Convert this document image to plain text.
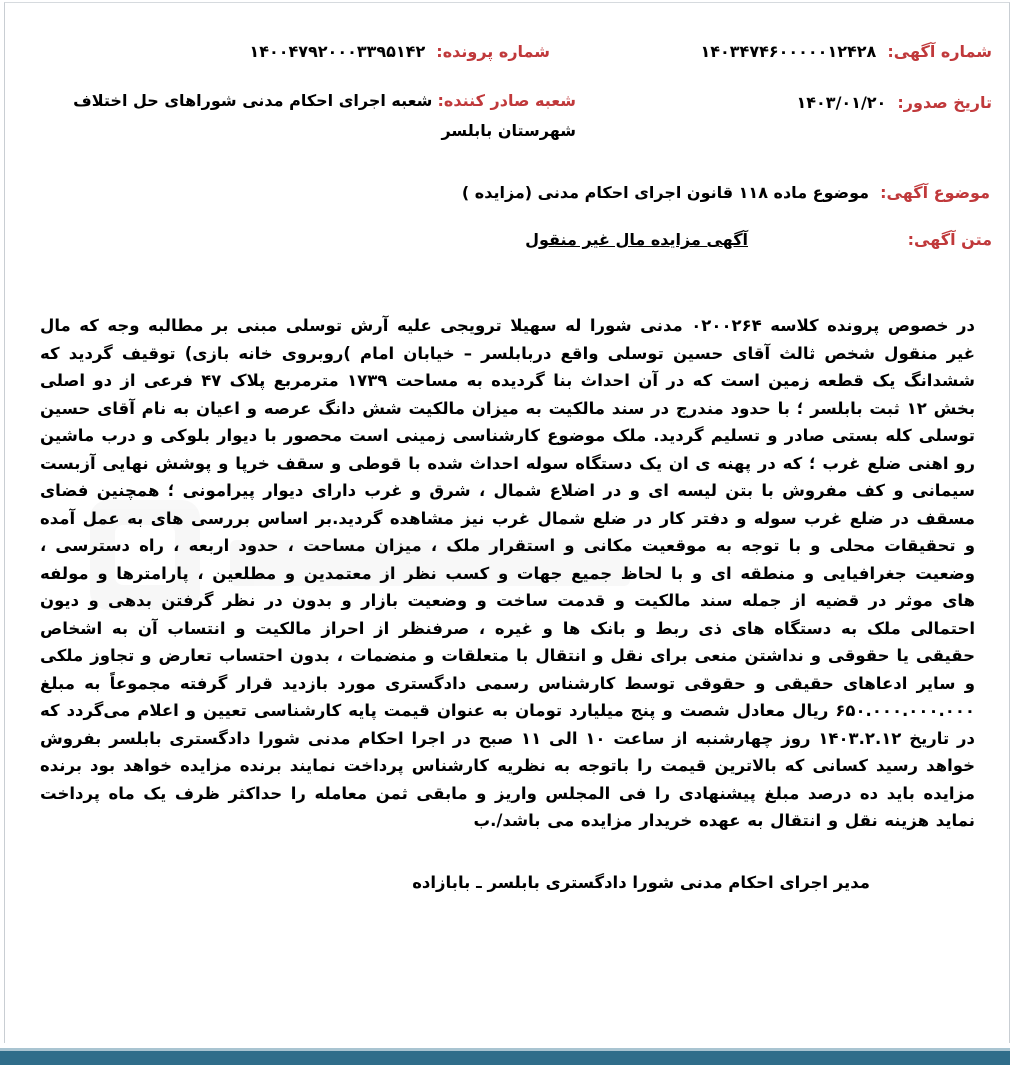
شماره آگهی: ۱۴۰۳۴۷۴۶۰۰۰۰۰۱۲۴۲۸
شماره پرونده: ۱۴۰۰۴۷۹۲۰۰۰۳۳۹۵۱۴۲
تاریخ صدور: ۱۴۰۳/۰۱/۲۰
شعبه صادر کننده: شعبه اجرای احکام مدنی شوراهای حل اختلاف شهرستان بابلسر
موضوع آگهی: موضوع ماده ۱۱۸ قانون اجرای احکام مدنی (مزایده )
متن آگهی:
آگهی مزایده مال غیر منقول
در خصوص پرونده کلاسه ۰۲۰۰۲۶۴ مدنی شورا له سهیلا ترویجی علیه آرش توسلی مبنی بر مطالبه وجه که مال غیر منقول شخص ثالث آقای حسین توسلی واقع دربابلسر – خیابان امام )روبروی خانه بازی) توقیف گردید که ششدانگ یک قطعه زمین است که در آن احداث بنا گردیده به مساحت ۱۷۳۹ مترمربع پلاک ۴۷ فرعی از دو اصلی بخش ۱۲ ثبت بابلسر ؛ با حدود مندرج در سند مالکیت به میزان مالکیت شش دانگ عرصه و اعیان به نام آقای حسین توسلی کله بستی صادر و تسلیم گردید. ملک موضوع کارشناسی زمینی است محصور با دیوار بلوکی و درب ماشین رو اهنی ضلع غرب ؛ که در پهنه ی ان یک دستگاه سوله احداث شده با قوطی و سقف خرپا و پوشش نهایی آزبست سیمانی و کف مفروش با بتن لیسه ای و در اضلاع شمال ، شرق و غرب دارای دیوار پیرامونی ؛ همچنین فضای مسقف در ضلع غرب سوله و دفتر کار در ضلع شمال غرب نیز مشاهده گردید.بر اساس بررسی های به عمل آمده و تحقیقات محلی و با توجه به موقعیت مکانی و استقرار ملک ، میزان مساحت ، حدود اربعه ، راه دسترسی ، وضعیت جغرافیایی و منطقه ای و با لحاظ جمیع جهات و کسب نظر از معتمدین و مطلعین ، پارامترها و مولفه های موثر در قضیه از جمله سند مالکیت و قدمت ساخت و وضعیت بازار و بدون در نظر گرفتن بدهی و دیون احتمالی ملک به دستگاه های ذی ربط و بانک ها و غیره ، صرفنظر از احراز مالکیت و انتساب آن به اشخاص حقیقی یا حقوقی و نداشتن منعی برای نقل و انتقال با متعلقات و منضمات ، بدون احتساب تعارض و تجاوز ملکی و سایر ادعاهای حقیقی و حقوقی توسط کارشناس رسمی دادگستری مورد بازدید قرار گرفته مجموعاً به مبلغ ۶۵۰.۰۰۰.۰۰۰.۰۰۰ ریال معادل شصت و پنج میلیارد تومان به عنوان قیمت پایه کارشناسی تعیین و اعلام می‌گردد که در تاریخ ۱۴۰۳.۲.۱۲ روز چهارشنبه از ساعت ۱۰ الی ۱۱ صبح در اجرا احکام مدنی شورا دادگستری بابلسر بفروش خواهد رسید کسانی که بالاترین قیمت را باتوجه به نظریه کارشناس پرداخت نمایند برنده مزایده خواهد بود برنده مزایده باید ده درصد مبلغ پیشنهادی را فی المجلس واریز و مابقی ثمن معامله را حداکثر ظرف یک ماه پرداخت نماید هزینه نقل و انتقال به عهده خریدار مزایده می باشد/.ب
مدیر اجرای احکام مدنی شورا دادگستری بابلسر ـ بابازاده
